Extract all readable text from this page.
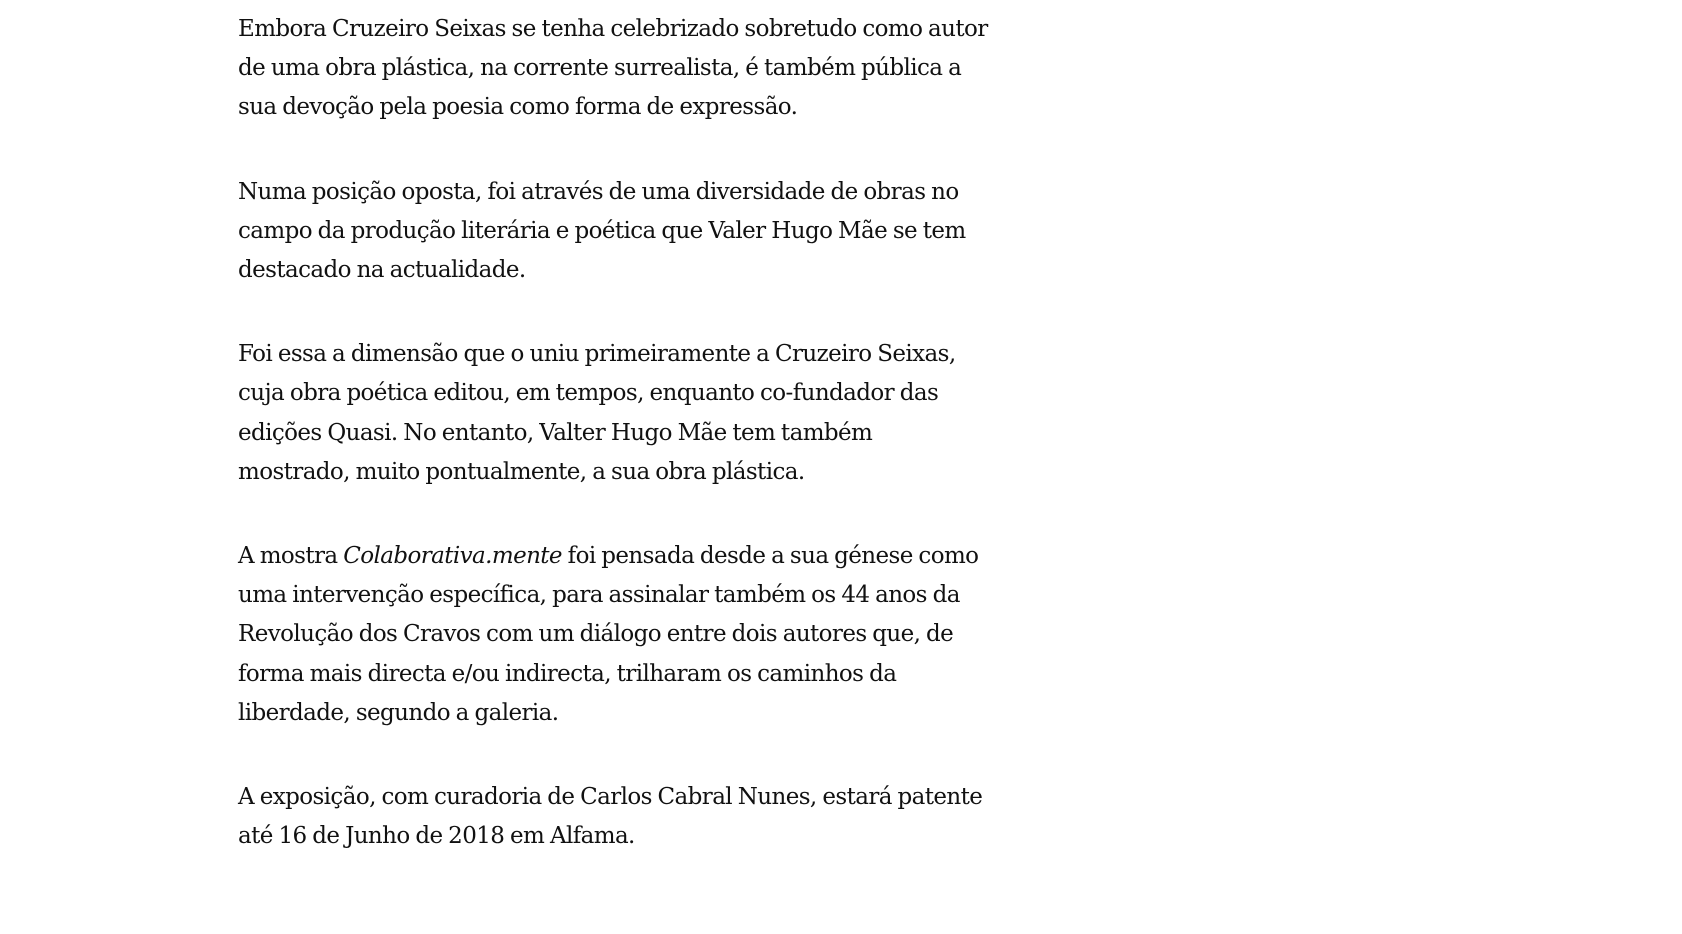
Embora Cruzeiro Seixas se tenha celebrizado sobretudo como autor
de uma obra plástica, na corrente surrealista, é também pública a
sua devoção pela poesia como forma de expressão.

Numa posição oposta, foi através de uma diversidade de obras no
campo da produção literária e poética que Valer Hugo Mãe se tem
destacado na actualidade.

Foi essa a dimensão que o uniu primeiramente a Cruzeiro Seixas,
cuja obra poética editou, em tempos, enquanto co-fundador das
edições Quasi. No entanto, Valter Hugo Mãe tem também
mostrado, muito pontualmente, a sua obra plástica.

A mostra Colaborativa.mente foi pensada desde a sua génese como
uma intervenção específica, para assinalar também os 44 anos da
Revolução dos Cravos com um diálogo entre dois autores que, de
forma mais directa e/ou indirecta, trilharam os caminhos da
liberdade, segundo a galeria.

A exposição, com curadoria de Carlos Cabral Nunes, estará patente
até 16 de Junho de 2018 em Alfama.
